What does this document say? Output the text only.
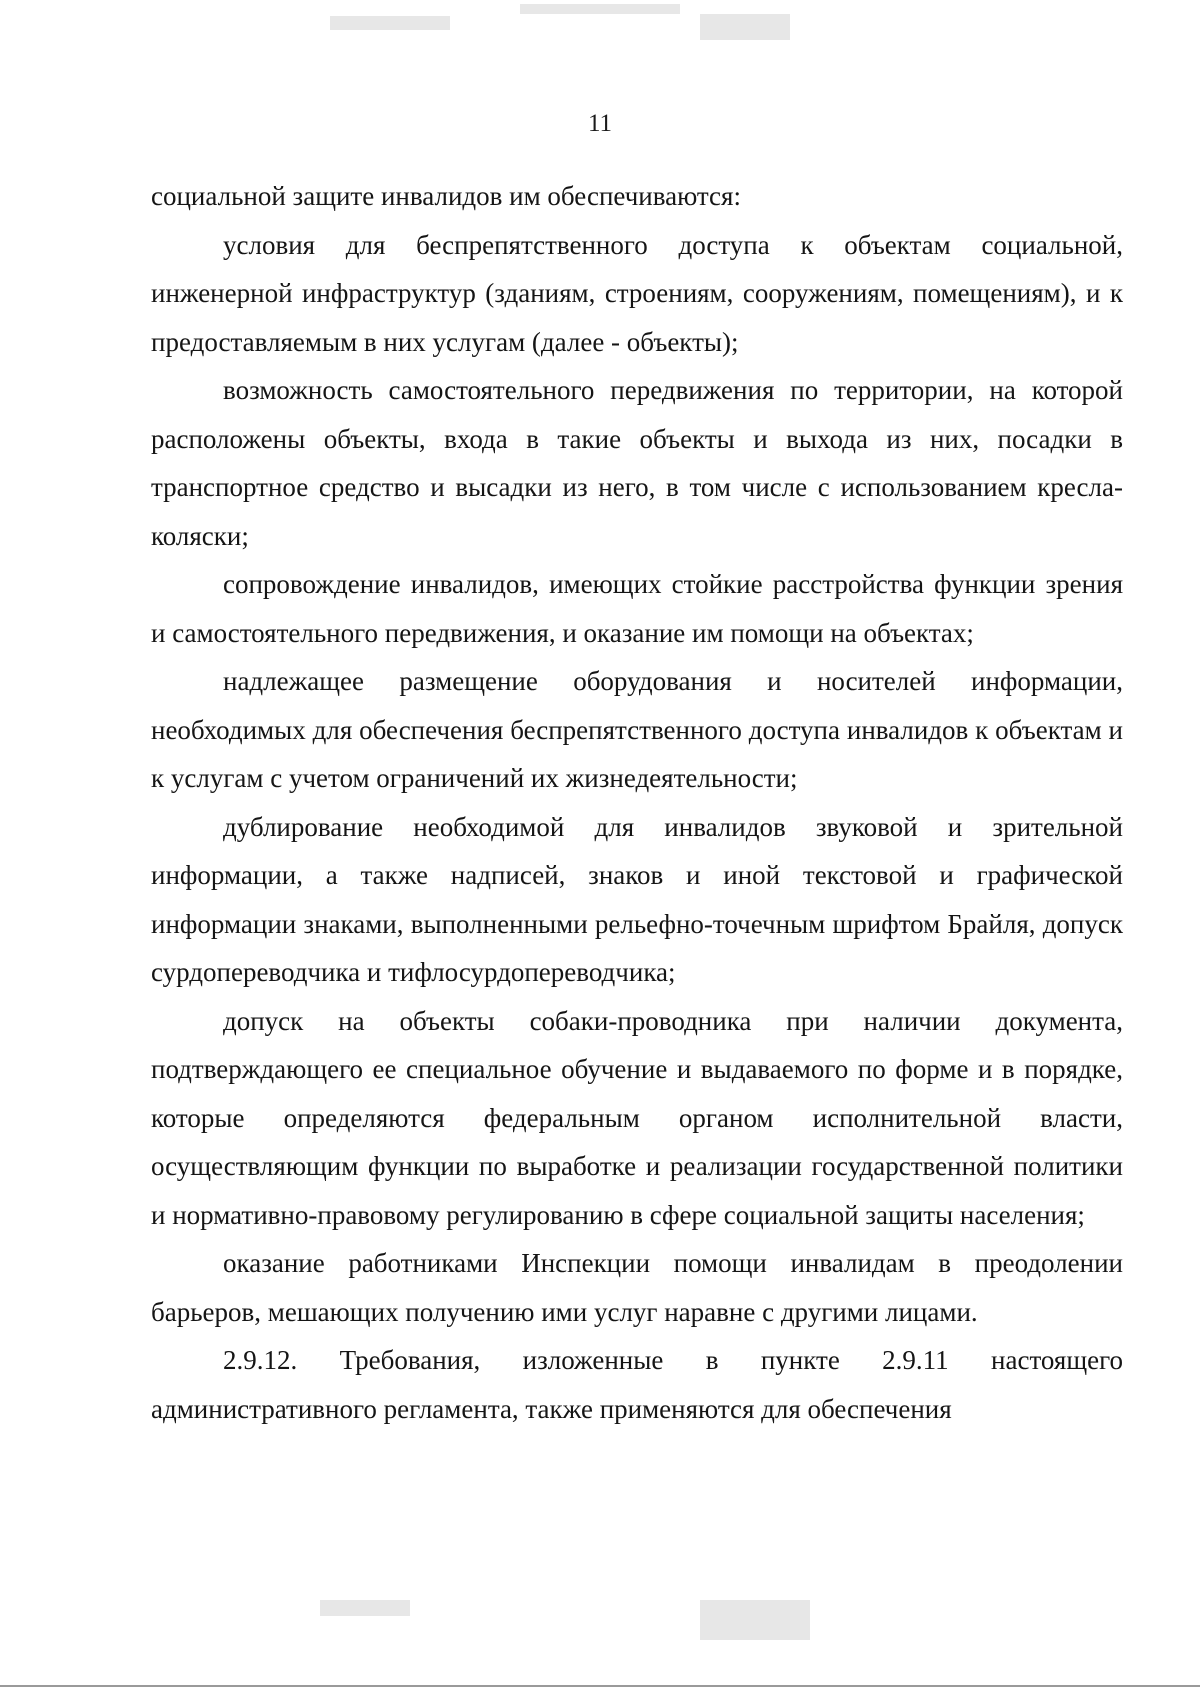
11

социальной защите инвалидов им обеспечиваются:

условия для беспрепятственного доступа к объектам социальной, инженерной инфраструктур (зданиям, строениям, сооружениям, помещениям), и к предоставляемым в них услугам (далее - объекты);

возможность самостоятельного передвижения по территории, на которой расположены объекты, входа в такие объекты и выхода из них, посадки в транспортное средство и высадки из него, в том числе с использованием кресла-коляски;

сопровождение инвалидов, имеющих стойкие расстройства функции зрения и самостоятельного передвижения, и оказание им помощи на объектах;

надлежащее размещение оборудования и носителей информации, необходимых для обеспечения беспрепятственного доступа инвалидов к объектам и к услугам с учетом ограничений их жизнедеятельности;

дублирование необходимой для инвалидов звуковой и зрительной информации, а также надписей, знаков и иной текстовой и графической информации знаками, выполненными рельефно-точечным шрифтом Брайля, допуск сурдопереводчика и тифлосурдопереводчика;

допуск на объекты собаки-проводника при наличии документа, подтверждающего ее специальное обучение и выдаваемого по форме и в порядке, которые определяются федеральным органом исполнительной власти, осуществляющим функции по выработке и реализации государственной политики и нормативно-правовому регулированию в сфере социальной защиты населения;

оказание работниками Инспекции помощи инвалидам в преодолении барьеров, мешающих получению ими услуг наравне с другими лицами.

2.9.12. Требования, изложенные в пункте 2.9.11 настоящего административного регламента, также применяются для обеспечения
